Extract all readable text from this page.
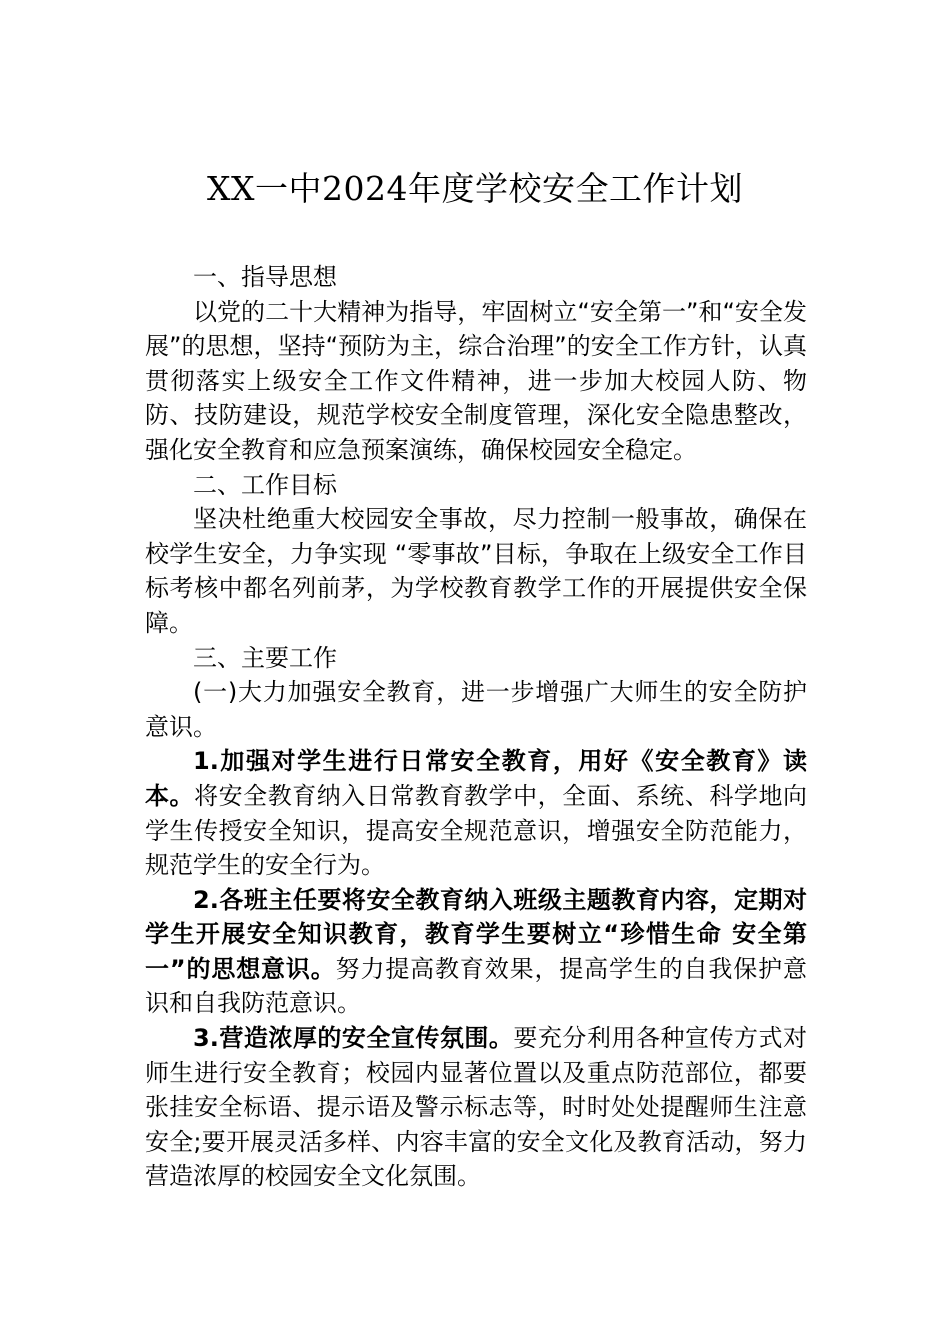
XX一中2024年度学校安全工作计划

一、指导思想

以党的二十大精神为指导，牢固树立“安全第一”和“安全发展”的思想，坚持“预防为主，综合治理”的安全工作方针，认真贯彻落实上级安全工作文件精神，进一步加大校园人防、物防、技防建设，规范学校安全制度管理，深化安全隐患整改，强化安全教育和应急预案演练，确保校园安全稳定。

二、工作目标

坚决杜绝重大校园安全事故，尽力控制一般事故，确保在校学生安全，力争实现 “零事故”目标，争取在上级安全工作目标考核中都名列前茅，为学校教育教学工作的开展提供安全保障。

三、主要工作

(一)大力加强安全教育，进一步增强广大师生的安全防护意识。

1.加强对学生进行日常安全教育，用好《安全教育》读本。将安全教育纳入日常教育教学中，全面、系统、科学地向学生传授安全知识，提高安全规范意识，增强安全防范能力，规范学生的安全行为。

2.各班主任要将安全教育纳入班级主题教育内容，定期对学生开展安全知识教育，教育学生要树立“珍惜生命 安全第一”的思想意识。努力提高教育效果，提高学生的自我保护意识和自我防范意识。

3.营造浓厚的安全宣传氛围。要充分利用各种宣传方式对师生进行安全教育；校园内显著位置以及重点防范部位，都要张挂安全标语、提示语及警示标志等，时时处处提醒师生注意安全;要开展灵活多样、内容丰富的安全文化及教育活动，努力营造浓厚的校园安全文化氛围。
